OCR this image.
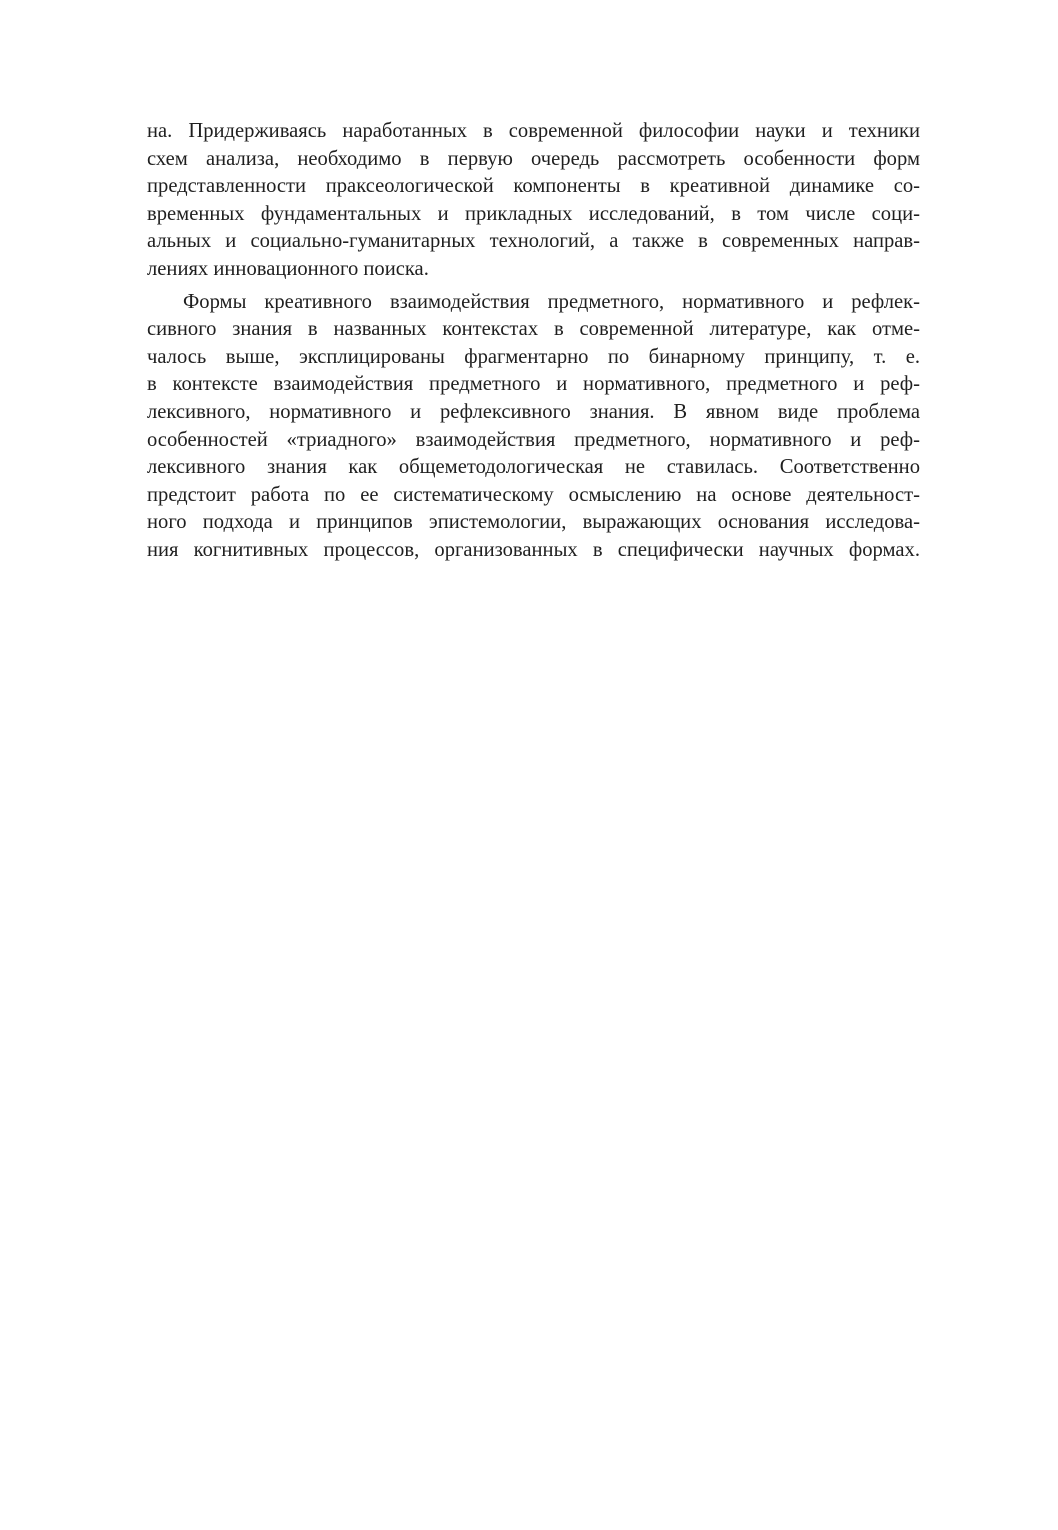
на. Придерживаясь наработанных в современной философии науки и техники
схем анализа, необходимо в первую очередь рассмотреть особенности форм
представленности праксеологической компоненты в креативной динамике со-
временных фундаментальных и прикладных исследований, в том числе соци-
альных и социально-гуманитарных технологий, а также в современных направ-
лениях инновационного поиска.
Формы креативного взаимодействия предметного, нормативного и рефлек-
сивного знания в названных контекстах в современной литературе, как отме-
чалось выше, эксплицированы фрагментарно по бинарному принципу, т. е.
в контексте взаимодействия предметного и нормативного, предметного и реф-
лексивного, нормативного и рефлексивного знания. В явном виде проблема
особенностей «триадного» взаимодействия предметного, нормативного и реф-
лексивного знания как общеметодологическая не ставилась. Соответственно
предстоит работа по ее систематическому осмыслению на основе деятельност-
ного подхода и принципов эпистемологии, выражающих основания исследова-
ния когнитивных процессов, организованных в специфически научных формах.
